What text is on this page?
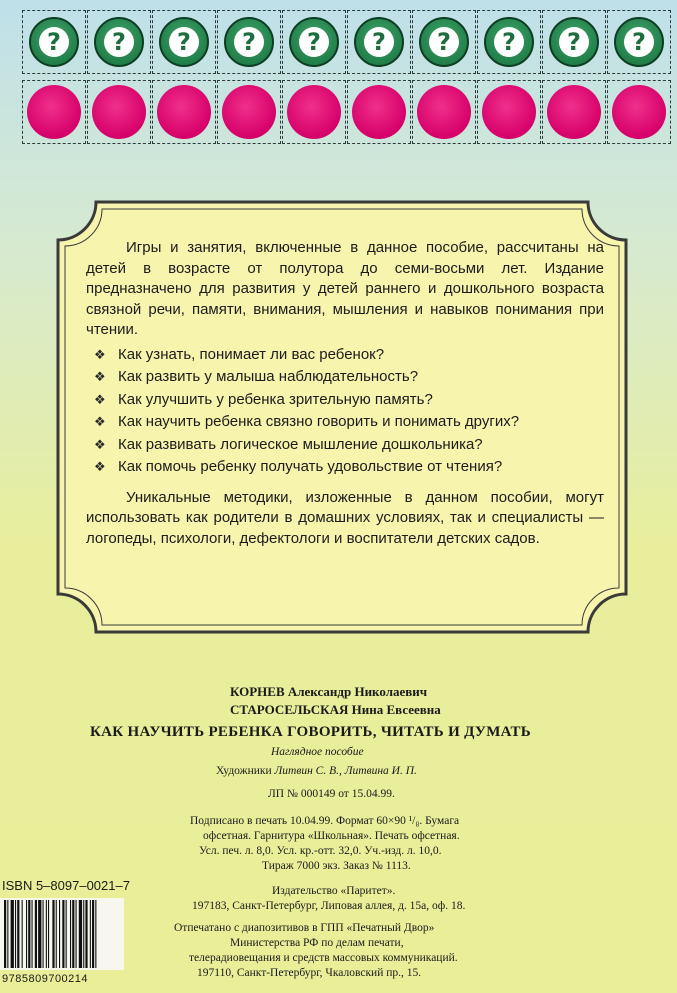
?	?	?	?	?	?	?	?	?	?

Игры и занятия, включенные в данное пособие, рассчитаны на детей в возрасте от полутора до семи-восьми лет. Издание предназначено для развития у детей раннего и дошкольного возраста связной речи, памяти, внимания, мышления и навыков понимания при чтении.

❖ Как узнать, понимает ли вас ребенок?
❖ Как развить у малыша наблюдательность?
❖ Как улучшить у ребенка зрительную память?
❖ Как научить ребенка связно говорить и понимать других?
❖ Как развивать логическое мышление дошкольника?
❖ Как помочь ребенку получать удовольствие от чтения?

Уникальные методики, изложенные в данном пособии, могут использовать как родители в домашних условиях, так и специалисты — логопеды, психологи, дефектологи и воспитатели детских садов.

КОРНЕВ Александр Николаевич
СТАРОСЕЛЬСКАЯ Нина Евсеевна
КАК НАУЧИТЬ РЕБЕНКА ГОВОРИТЬ, ЧИТАТЬ И ДУМАТЬ
Наглядное пособие
Художники Литвин С. В., Литвина И. П.
ЛП № 000149 от 15.04.99.
Подписано в печать 10.04.99. Формат 60×90 ¹/₈. Бумага
офсетная. Гарнитура «Школьная». Печать офсетная.
Усл. печ. л. 8,0. Усл. кр.-отт. 32,0. Уч.-изд. л. 10,0.
Тираж 7000 экз. Заказ № 1113.
Издательство «Паритет».
197183, Санкт-Петербург, Липовая аллея, д. 15а, оф. 18.
Отпечатано с диапозитивов в ГПП «Печатный Двор»
Министерства РФ по делам печати,
телерадиовещания и средств массовых коммуникаций.
197110, Санкт-Петербург, Чкаловский пр., 15.
ISBN 5–8097–0021–7
9785809700214
